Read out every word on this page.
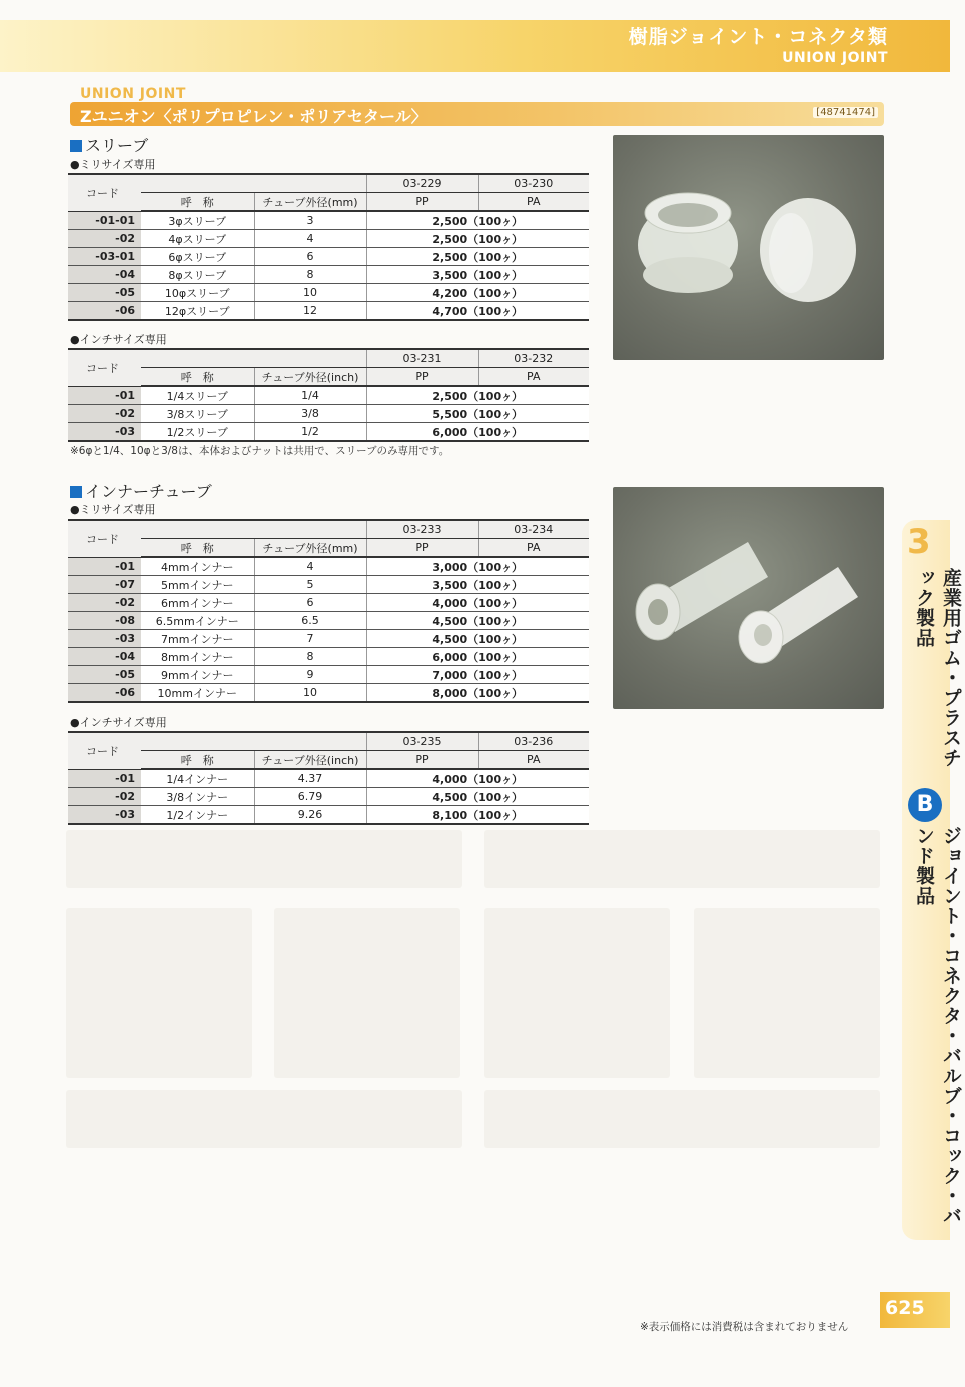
樹脂ジョイント・コネクタ類
UNION JOINT
UNION JOINT
Zユニオン〈ポリプロピレン・ポリアセタール〉	[48741474]
スリーブ
●ミリサイズ専用
コード			03-229	03-230
	呼　称	チューブ外径(mm)	PP	PA
-01-01	3φスリーブ	3	2,500（100ヶ）	
-02	4φスリーブ	4	2,500（100ヶ）	
-03-01	6φスリーブ	6	2,500（100ヶ）	
-04	8φスリーブ	8	3,500（100ヶ）	
-05	10φスリーブ	10	4,200（100ヶ）	
-06	12φスリーブ	12	4,700（100ヶ）	
●インチサイズ専用
コード			03-231	03-232
	呼　称	チューブ外径(inch)	PP	PA
-01	1/4スリーブ	1/4	2,500（100ヶ）	
-02	3/8スリーブ	3/8	5,500（100ヶ）	
-03	1/2スリーブ	1/2	6,000（100ヶ）	
※6φと1/4、10φと3/8は、本体およびナットは共用で、スリーブのみ専用です。
インナーチューブ
●ミリサイズ専用
コード			03-233	03-234
	呼　称	チューブ外径(mm)	PP	PA
-01	4mmインナー	4	3,000（100ヶ）	
-07	5mmインナー	5	3,500（100ヶ）	
-02	6mmインナー	6	4,000（100ヶ）	
-08	6.5mmインナー	6.5	4,500（100ヶ）	
-03	7mmインナー	7	4,500（100ヶ）	
-04	8mmインナー	8	6,000（100ヶ）	
-05	9mmインナー	9	7,000（100ヶ）	
-06	10mmインナー	10	8,000（100ヶ）	
●インチサイズ専用
コード			03-235	03-236
	呼　称	チューブ外径(inch)	PP	PA
-01	1/4インナー	4.37	4,000（100ヶ）	
-02	3/8インナー	6.79	4,500（100ヶ）	
-03	1/2インナー	9.26	8,100（100ヶ）	
3
産業用ゴム・プラスチック製品
B
ジョイント・コネクタ・バルブ・コック・バンド製品
※表示価格には消費税は含まれておりません
625
